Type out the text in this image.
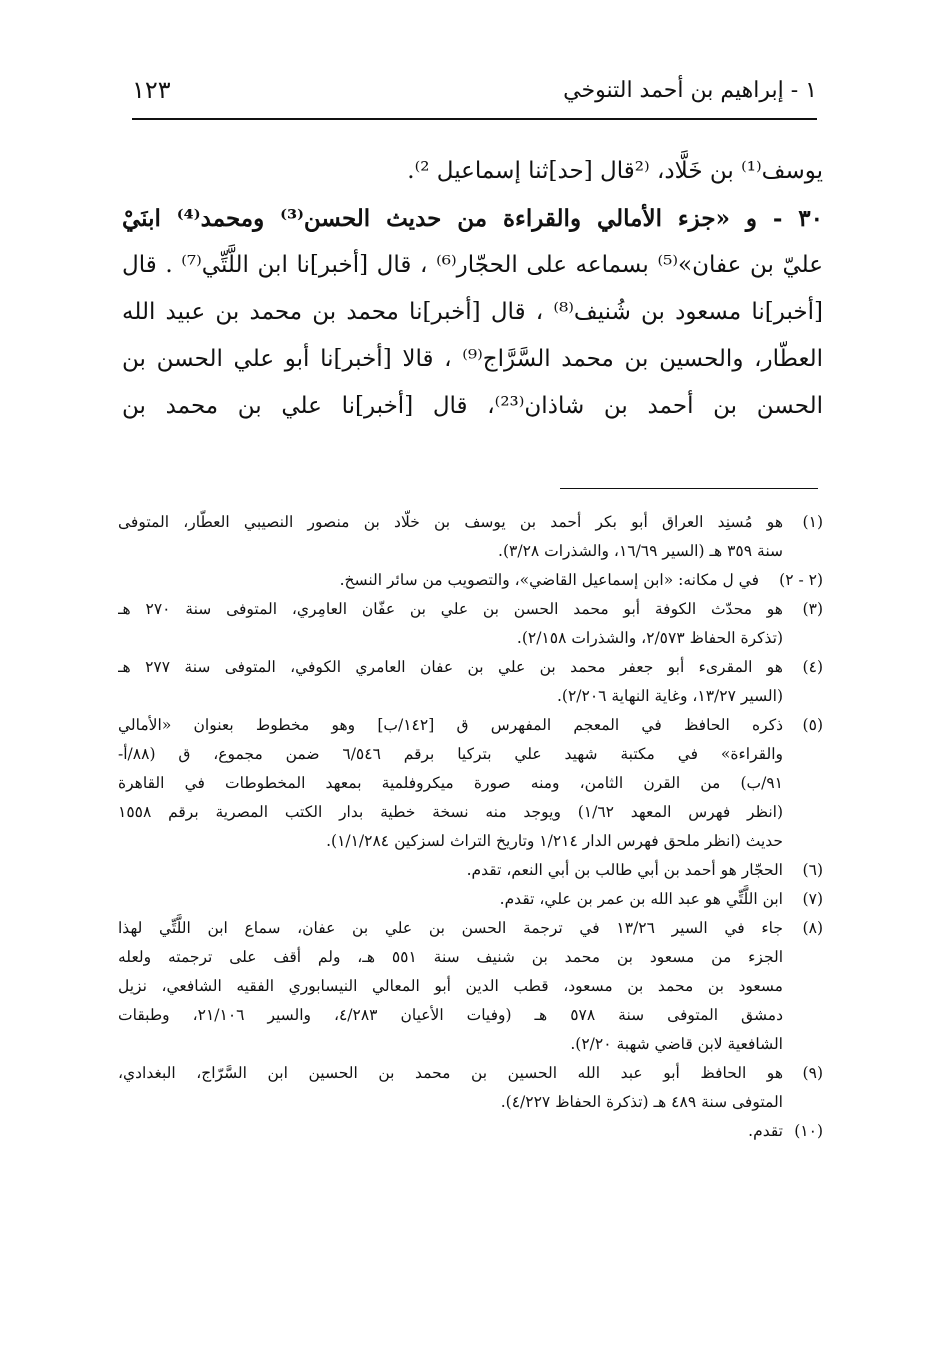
١ - إبراهيم بن أحمد التنوخي
١٢٣
يوسف⁽¹⁾ بن خَلَّاد، ⁽²قال [حد]ثنا إسماعيل ²⁾.
٣٠ - و «جزء الأمالي والقراءة من حديث الحسن⁽³⁾ ومحمد⁽⁴⁾ ابنَيْ
عليّ بن عفان»⁽⁵⁾ بسماعه على الحجّار⁽⁶⁾ ، قال [أخبر]نا ابن اللَّتِّي⁽⁷⁾ . قال
[أخبر]نا مسعود بن شُنيف⁽⁸⁾ ، قال [أخبر]نا محمد بن محمد بن عبيد الله
العطّار، والحسين بن محمد السَّرَّاج⁽⁹⁾ ، قالا [أخبر]نا أبو علي الحسن بن
الحسن بن أحمد بن شاذان⁽²³⁾، قال [أخبر]نا علي بن محمد بن
(١)
هو مُسنِد العراق أبو بكر أحمد بن يوسف بن خلّاد بن منصور النصيبي العطّار، المتوفى
سنة ٣٥٩ هـ (السير ١٦/٦٩، والشذرات ٣/٢٨).
(٢ - ٢)
في ل مكانه: «ابن إسماعيل القاضي»، والتصويب من سائر النسخ.
(٣)
هو محدّث الكوفة أبو محمد الحسن بن علي بن عفّان العامِري، المتوفى سنة ٢٧٠ هـ
(تذكرة الحفاظ ٢/٥٧٣، والشذرات ٢/١٥٨).
(٤)
هو المقرىء أبو جعفر محمد بن علي بن عفان العامري الكوفي، المتوفى سنة ٢٧٧ هـ
(السير ١٣/٢٧، وغاية النهاية ٢/٢٠٦).
(٥)
ذكره الحافظ في المعجم المفهرس ق [١٤٢/ب] وهو مخطوط بعنوان «الأمالي
والقراءة» في مكتبة شهيد علي بتركيا برقم ٦/٥٤٦ ضمن مجموع، ق (٨٨/أ-
٩١/ب) من القرن الثامن، ومنه صورة ميكروفلمية بمعهد المخطوطات في القاهرة
(انظر فهرس المعهد ١/٦٢) ويوجد منه نسخة خطية بدار الكتب المصرية برقم ١٥٥٨
حديث (انظر ملحق فهرس الدار ١/٢١٤ وتاريخ التراث لسزكين ١/١/٢٨٤).
(٦)
الحجّار هو أحمد بن أبي طالب بن أبي النعم، تقدم.
(٧)
ابن اللَّتِّي هو عبد الله بن عمر بن علي، تقدم.
(٨)
جاء في السير ١٣/٢٦ في ترجمة الحسن بن علي بن عفان، سماع ابن اللَّتِّي لهذا
الجزء من مسعود بن محمد بن شنيف سنة ٥٥١ هـ، ولم أقف على ترجمته ولعله
مسعود بن محمد بن مسعود، قطب الدين أبو المعالي النيسابوري الفقيه الشافعي، نزيل
دمشق المتوفى سنة ٥٧٨ هـ (وفيات الأعيان ٤/٢٨٣، والسير ٢١/١٠٦، وطبقات
الشافعية لابن قاضي شهبة ٢/٢٠).
(٩)
هو الحافظ أبو عبد الله الحسين بن محمد بن الحسين ابن السَّرّاج، البغدادي،
المتوفى سنة ٤٨٩ هـ (تذكرة الحفاظ ٤/٢٢٧).
(١٠)
تقدم.
